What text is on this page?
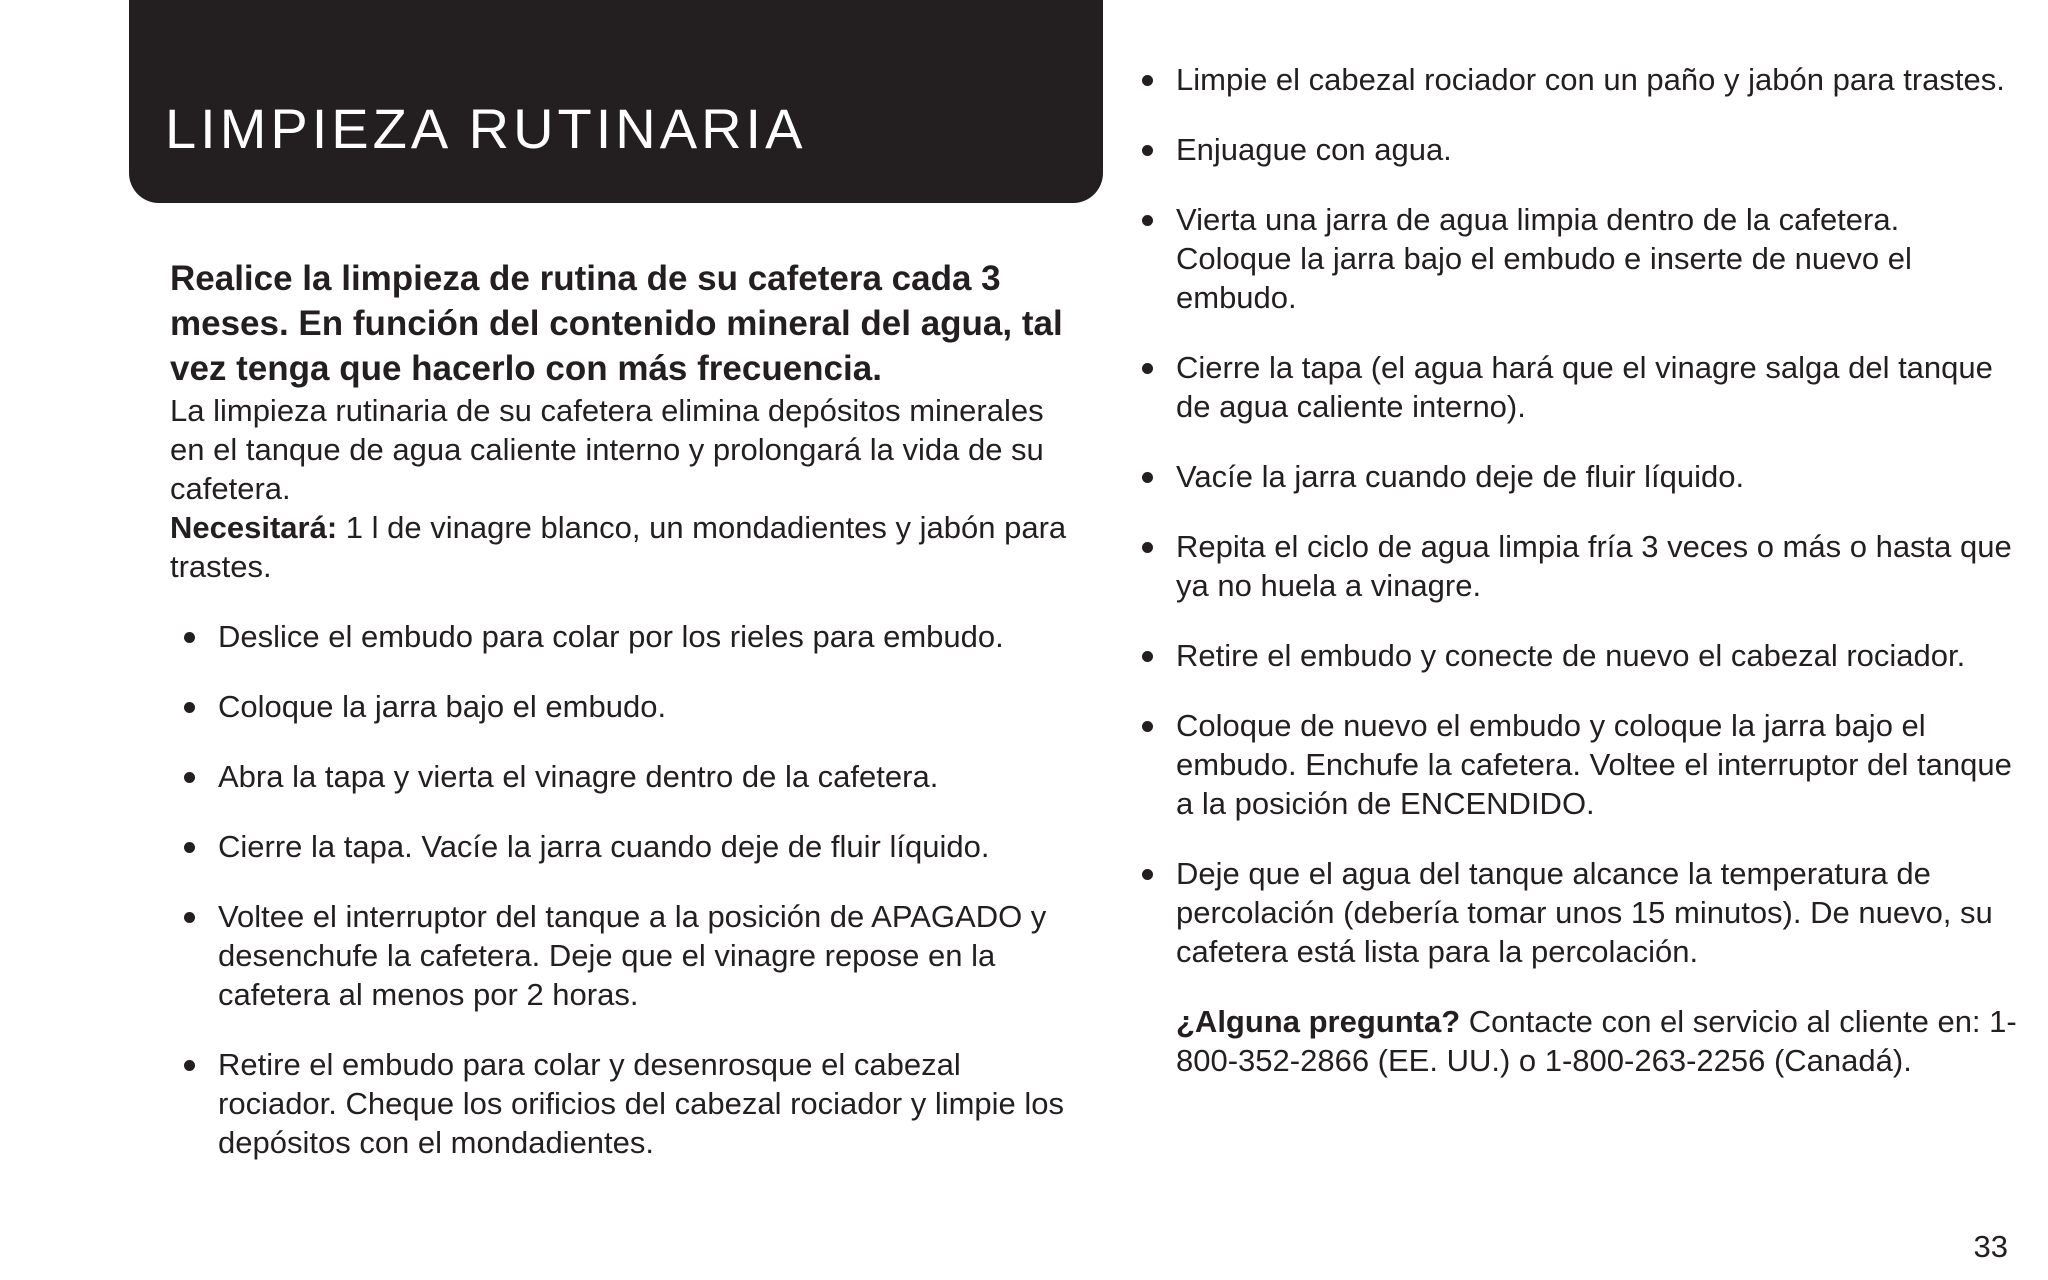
LIMPIEZA RUTINARIA

Realice la limpieza de rutina de su cafetera cada 3 meses. En función del contenido mineral del agua, tal vez tenga que hacerlo con más frecuencia.

La limpieza rutinaria de su cafetera elimina depósitos minerales en el tanque de agua caliente interno y prolongará la vida de su cafetera.

Necesitará: 1 l de vinagre blanco, un mondadientes y jabón para trastes.

Deslice el embudo para colar por los rieles para embudo.
Coloque la jarra bajo el embudo.
Abra la tapa y vierta el vinagre dentro de la cafetera.
Cierre la tapa. Vacíe la jarra cuando deje de fluir líquido.
Voltee el interruptor del tanque a la posición de APAGADO y desenchufe la cafetera. Deje que el vinagre repose en la cafetera al menos por 2 horas.
Retire el embudo para colar y desenrosque el cabezal rociador. Cheque los orificios del cabezal rociador y limpie los depósitos con el mondadientes.
Limpie el cabezal rociador con un paño y jabón para trastes.
Enjuague con agua.
Vierta una jarra de agua limpia dentro de la cafetera. Coloque la jarra bajo el embudo e inserte de nuevo el embudo.
Cierre la tapa (el agua hará que el vinagre salga del tanque de agua caliente interno).
Vacíe la jarra cuando deje de fluir líquido.
Repita el ciclo de agua limpia fría 3 veces o más o hasta que ya no huela a vinagre.
Retire el embudo y conecte de nuevo el cabezal rociador.
Coloque de nuevo el embudo y coloque la jarra bajo el embudo. Enchufe la cafetera. Voltee el interruptor del tanque a la posición de ENCENDIDO.
Deje que el agua del tanque alcance la temperatura de percolación (debería tomar unos 15 minutos). De nuevo, su cafetera está lista para la percolación.

¿Alguna pregunta? Contacte con el servicio al cliente en: 1-800-352-2866 (EE. UU.) o 1-800-263-2256 (Canadá).

33
